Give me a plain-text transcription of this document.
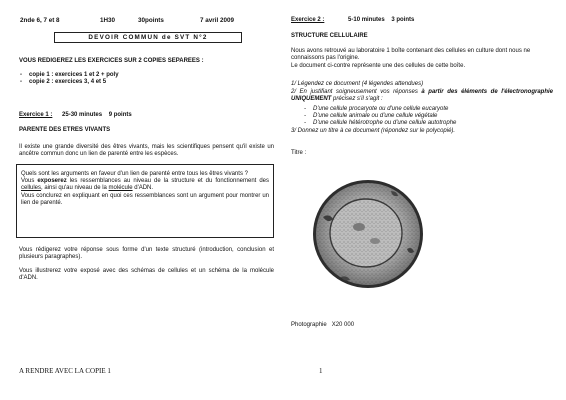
2nde 6, 7 et 8	1H30	30points	7 avril 2009
DEVOIR COMMUN de SVT N°2
VOUS REDIGEREZ LES EXERCICES SUR 2 COPIES SEPAREES :
- copie 1 : exercices 1 et 2 + poly
- copie 2 : exercices 3, 4 et 5
Exercice 1 : 25-30 minutes    9 points
PARENTE DES ETRES VIVANTS
Il existe une grande diversité des êtres vivants, mais les scientifiques pensent qu'il existe un ancêtre commun donc un lien de parenté entre les espèces.

Quels sont les arguments en faveur d'un lien de parenté entre tous les êtres vivants ?

Vous exposerez les ressemblances au niveau de la structure et du fonctionnement des cellules, ainsi qu'au niveau de la molécule d'ADN.

Vous conclurez en expliquant en quoi ces ressemblances sont un argument pour montrer un lien de parenté.

Vous rédigerez votre réponse sous forme d'un texte structuré (introduction, conclusion et plusieurs paragraphes).
Vous illustrerez votre exposé avec des schémas de cellules et un schéma de la molécule d'ADN.
Exercice 2 :	5-10 minutes    3 points
STRUCTURE CELLULAIRE
Nous avons retrouvé au laboratoire 1 boîte contenant des cellules en culture dont nous ne connaissons pas l'origine.
Le document ci-contre représente une des cellules de cette boîte.
1/ Légendez ce document (4 légendes attendues)
2/ En justifiant soigneusement vos réponses à partir des éléments de l'électronographie UNIQUEMENT précisez s'il s'agit :
- D'une cellule procaryote ou d'une cellule eucaryote
- D'une cellule animale ou d'une cellule végétale
- D'une cellule hétérotrophe ou d'une cellule autotrophe
3/ Donnez un titre à ce document (répondez sur le polycopié).
Titre :
Photographie   X20 000
A RENDRE AVEC LA COPIE 1	1
